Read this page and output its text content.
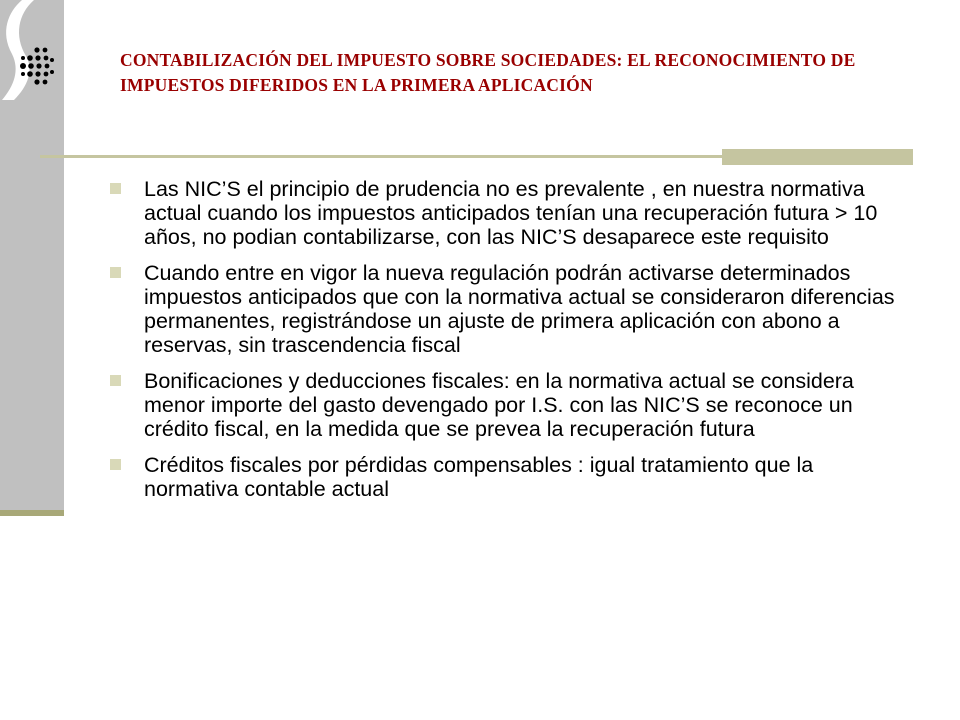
CONTABILIZACIÓN DEL IMPUESTO SOBRE SOCIEDADES: EL RECONOCIMIENTO DE IMPUESTOS DIFERIDOS EN LA PRIMERA APLICACIÓN
Las NIC’S el principio de prudencia no es prevalente , en nuestra normativa actual cuando los impuestos anticipados tenían una recuperación futura > 10 años, no podian contabilizarse, con las NIC’S desaparece este requisito
Cuando entre en vigor la nueva regulación podrán activarse determinados impuestos anticipados que con la normativa actual se consideraron diferencias permanentes, registrándose un ajuste de primera aplicación con abono a reservas, sin trascendencia fiscal
Bonificaciones y deducciones fiscales: en la normativa actual se considera menor importe del gasto devengado por I.S. con las NIC’S se reconoce un crédito fiscal, en la medida que se prevea la recuperación futura
Créditos fiscales por pérdidas compensables : igual tratamiento que la normativa contable actual
